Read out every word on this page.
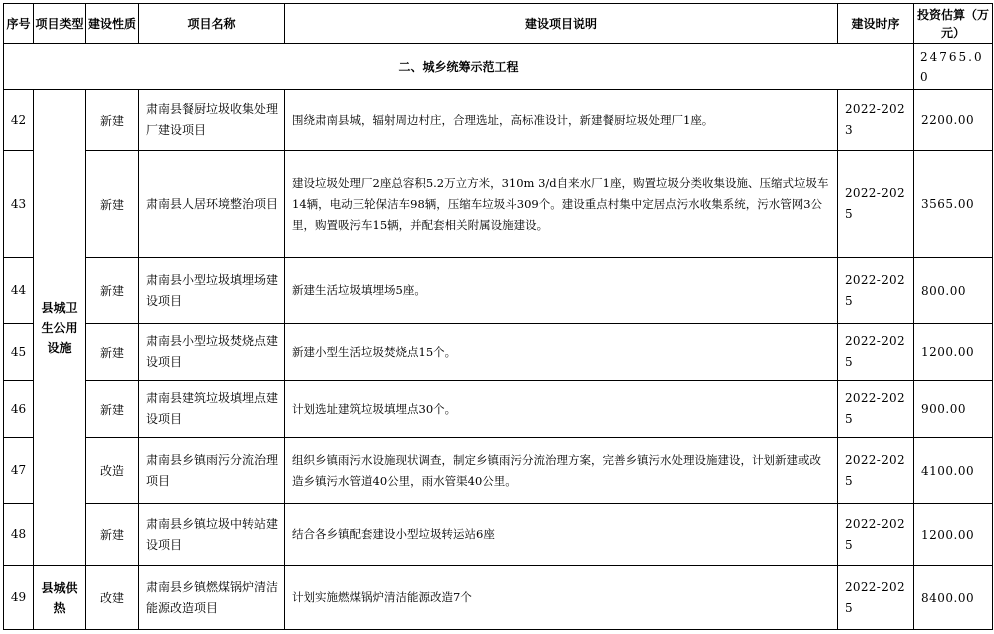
序号	项目类型	建设性质	项目名称	建设项目说明	建设时序	投资估算（万元）
二、城乡统筹示范工程						24765.00
42	县城卫生公用设施	新建	肃南县餐厨垃圾收集处理厂建设项目	围绕肃南县城，辐射周边村庄，合理选址，高标准设计，新建餐厨垃圾处理厂1座。	2022-2023	2200.00
43		新建	肃南县人居环境整治项目	建设垃圾处理厂2座总容积5.2万立方米，310m 3/d自来水厂1座，购置垃圾分类收集设施、压缩式垃圾车14辆，电动三轮保洁车98辆，压缩车垃圾斗309个。建设重点村集中定居点污水收集系统，污水管网3公里，购置吸污车15辆，并配套相关附属设施建设。	2022-2025	3565.00
44		新建	肃南县小型垃圾填埋场建设项目	新建生活垃圾填埋场5座。	2022-2025	800.00
45		新建	肃南县小型垃圾焚烧点建设项目	新建小型生活垃圾焚烧点15个。	2022-2025	1200.00
46		新建	肃南县建筑垃圾填埋点建设项目	计划选址建筑垃圾填埋点30个。	2022-2025	900.00
47		改造	肃南县乡镇雨污分流治理项目	组织乡镇雨污水设施现状调查，制定乡镇雨污分流治理方案，完善乡镇污水处理设施建设，计划新建或改造乡镇污水管道40公里，雨水管渠40公里。	2022-2025	4100.00
48		新建	肃南县乡镇垃圾中转站建设项目	结合各乡镇配套建设小型垃圾转运站6座	2022-2025	1200.00
49	县城供热	改建	肃南县乡镇燃煤锅炉清洁能源改造项目	计划实施燃煤锅炉清洁能源改造7个	2022-2025	8400.00
